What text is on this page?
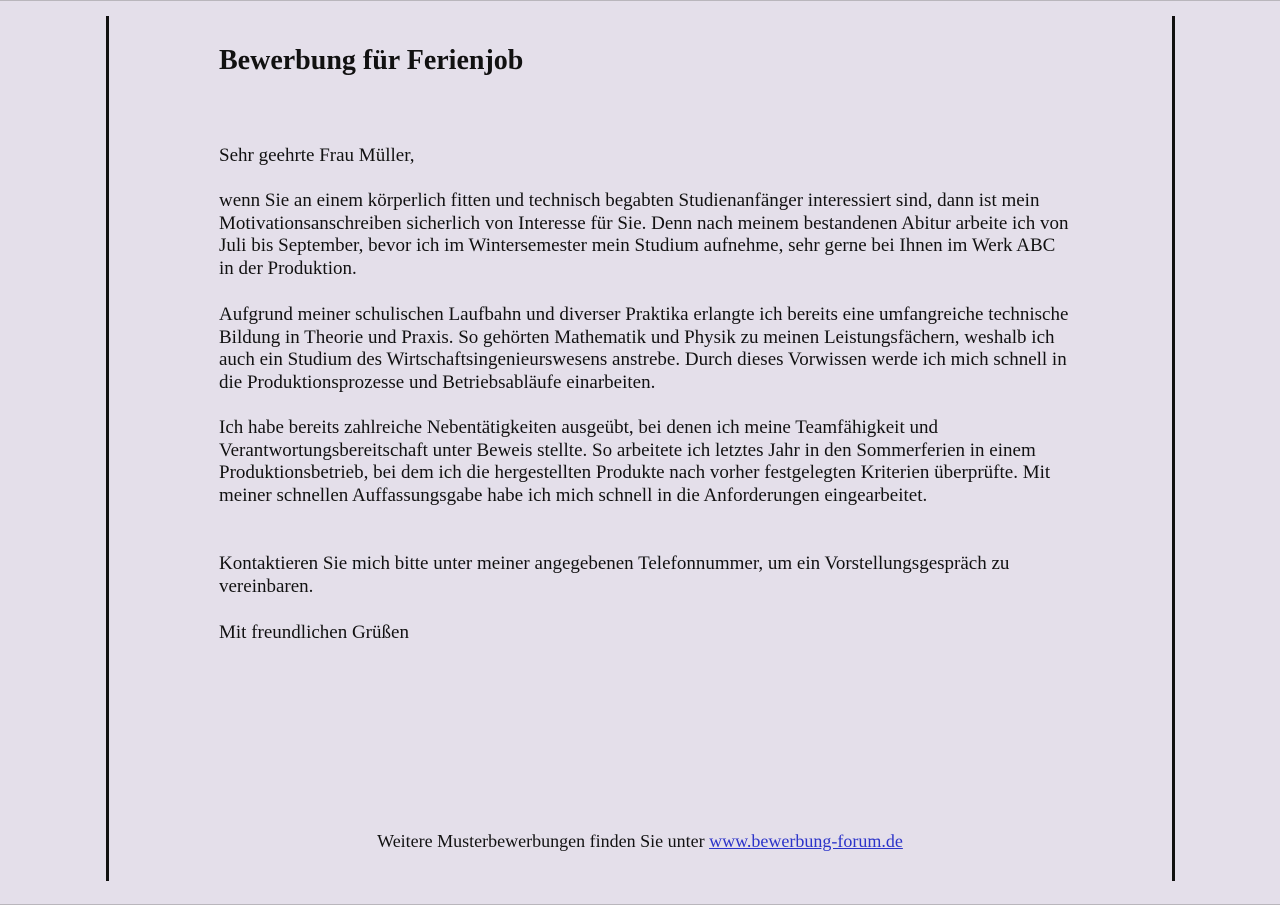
Bewerbung für Ferienjob

Sehr geehrte Frau Müller,

wenn Sie an einem körperlich fitten und technisch begabten Studienanfänger interessiert sind, dann ist mein Motivationsanschreiben sicherlich von Interesse für Sie. Denn nach meinem bestandenen Abitur arbeite ich von Juli bis September, bevor ich im Wintersemester mein Studium aufnehme, sehr gerne bei Ihnen im Werk ABC in der Produktion.

Aufgrund meiner schulischen Laufbahn und diverser Praktika erlangte ich bereits eine umfangreiche technische Bildung in Theorie und Praxis. So gehörten Mathematik und Physik zu meinen Leistungsfächern, weshalb ich auch ein Studium des Wirtschaftsingenieurswesens anstrebe. Durch dieses Vorwissen werde ich mich schnell in die Produktionsprozesse und Betriebsabläufe einarbeiten.

Ich habe bereits zahlreiche Nebentätigkeiten ausgeübt, bei denen ich meine Teamfähigkeit und Verantwortungsbereitschaft unter Beweis stellte. So arbeitete ich letztes Jahr in den Sommerferien in einem Produktionsbetrieb, bei dem ich die hergestellten Produkte nach vorher festgelegten Kriterien überprüfte. Mit meiner schnellen Auffassungsgabe habe ich mich schnell in die Anforderungen eingearbeitet.

Kontaktieren Sie mich bitte unter meiner angegebenen Telefonnummer, um ein Vorstellungsgespräch zu vereinbaren.

Mit freundlichen Grüßen

Weitere Musterbewerbungen finden Sie unter www.bewerbung-forum.de
